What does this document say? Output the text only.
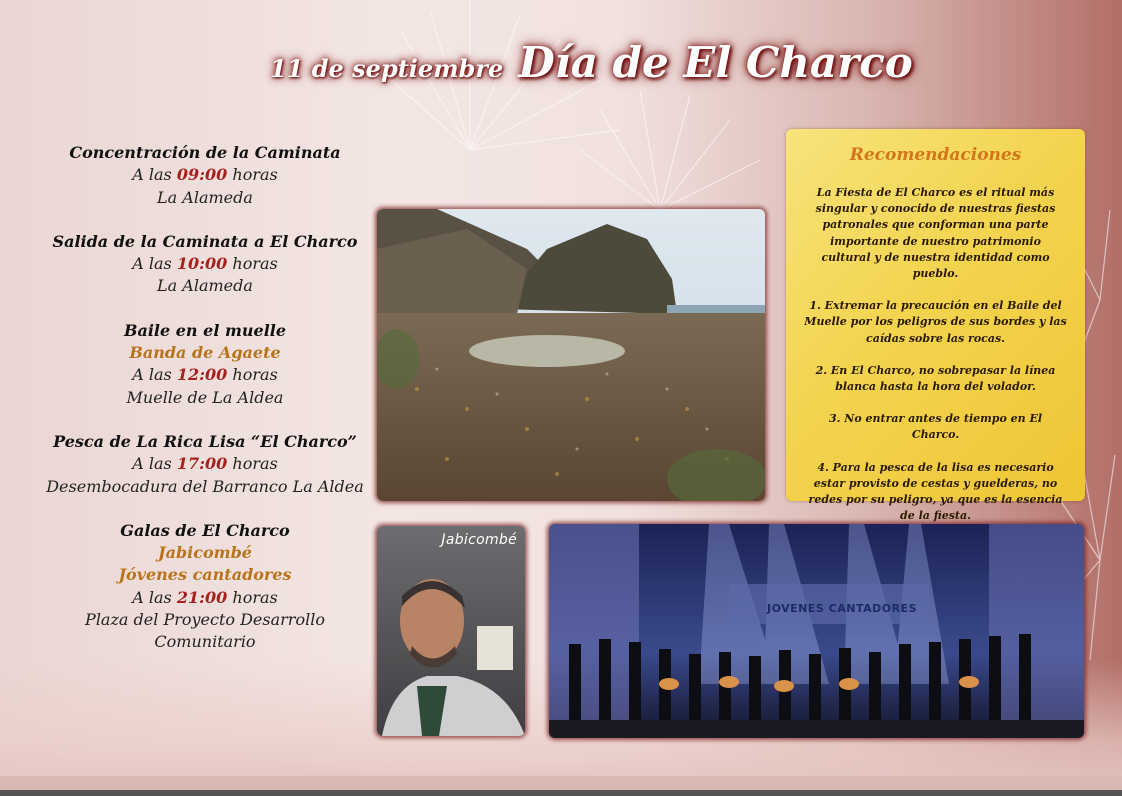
11 de septiembre Día de El Charco
Concentración de la Caminata
A las 09:00 horas
La Alameda
Salida de la Caminata a El Charco
A las 10:00 horas
La Alameda
Baile en el muelle
Banda de Agaete
A las 12:00 horas
Muelle de La Aldea
Pesca de La Rica Lisa “El Charco”
A las 17:00 horas
Desembocadura del Barranco La Aldea
Galas de El Charco
Jabicombé
Jóvenes cantadores
A las 21:00 horas
Plaza del Proyecto Desarrollo
Comunitario
Jabicombé
JOVENES CANTADORES
Recomendaciones

La Fiesta de El Charco es el ritual más singular y conocido de nuestras fiestas patronales que conforman una parte importante de nuestro patrimonio cultural y de nuestra identidad como pueblo.

1. Extremar la precaución en el Baile del Muelle por los peligros de sus bordes y las caídas sobre las rocas.

2. En El Charco, no sobrepasar la línea blanca hasta la hora del volador.

3. No entrar antes de tiempo en El Charco.

4. Para la pesca de la lisa es necesario estar provisto de cestas y guelderas, no redes por su peligro, ya que es la esencia de la fiesta.
